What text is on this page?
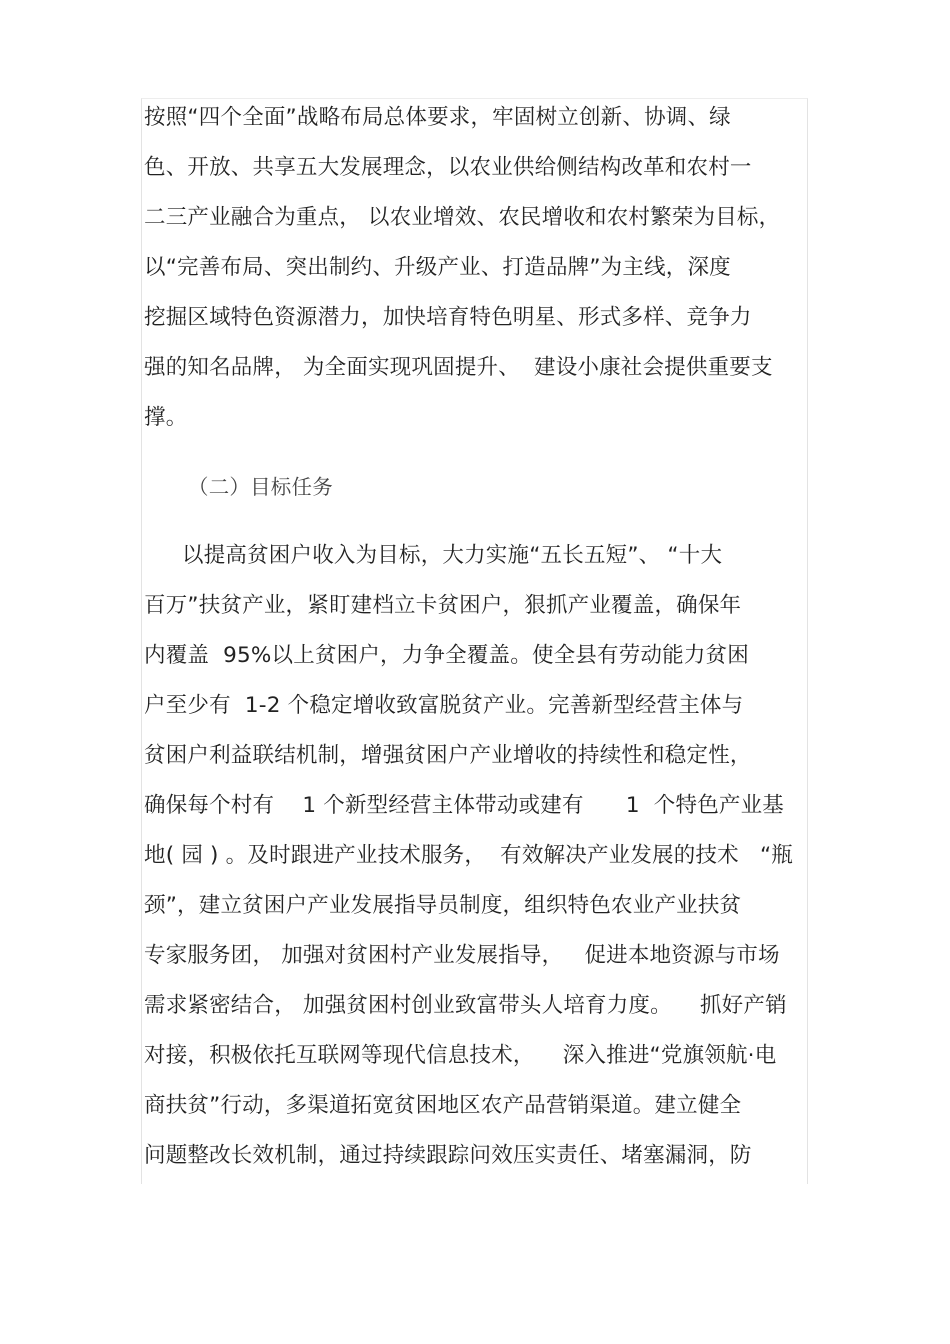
按照“四个全面”战略布局总体要求，牢固树立创新、协调、绿
色、开放、共享五大发展理念，以农业供给侧结构改革和农村一
二三产业融合为重点， 以农业增效、农民增收和农村繁荣为目标，
以“完善布局、突出制约、升级产业、打造品牌”为主线，深度
挖掘区域特色资源潜力，加快培育特色明星、形式多样、竞争力
强的知名品牌， 为全面实现巩固提升、  建设小康社会提供重要支
撑。
（二）目标任务
以提高贫困户收入为目标，大力实施“五长五短”、 “十大
百万”扶贫产业，紧盯建档立卡贫困户，狠抓产业覆盖，确保年
内覆盖  95%以上贫困户，力争全覆盖。使全县有劳动能力贫困
户至少有  1-2 个稳定增收致富脱贫产业。完善新型经营主体与
贫困户利益联结机制，增强贫困户产业增收的持续性和稳定性，
确保每个村有    1 个新型经营主体带动或建有      1  个特色产业基
地( 园 ) 。及时跟进产业技术服务，  有效解决产业发展的技术   “瓶
颈”，建立贫困户产业发展指导员制度，组织特色农业产业扶贫
专家服务团， 加强对贫困村产业发展指导，   促进本地资源与市场
需求紧密结合， 加强贫困村创业致富带头人培育力度。    抓好产销
对接，积极依托互联网等现代信息技术，    深入推进“党旗领航·电
商扶贫”行动，多渠道拓宽贫困地区农产品营销渠道。建立健全
问题整改长效机制，通过持续跟踪问效压实责任、堵塞漏洞，防
